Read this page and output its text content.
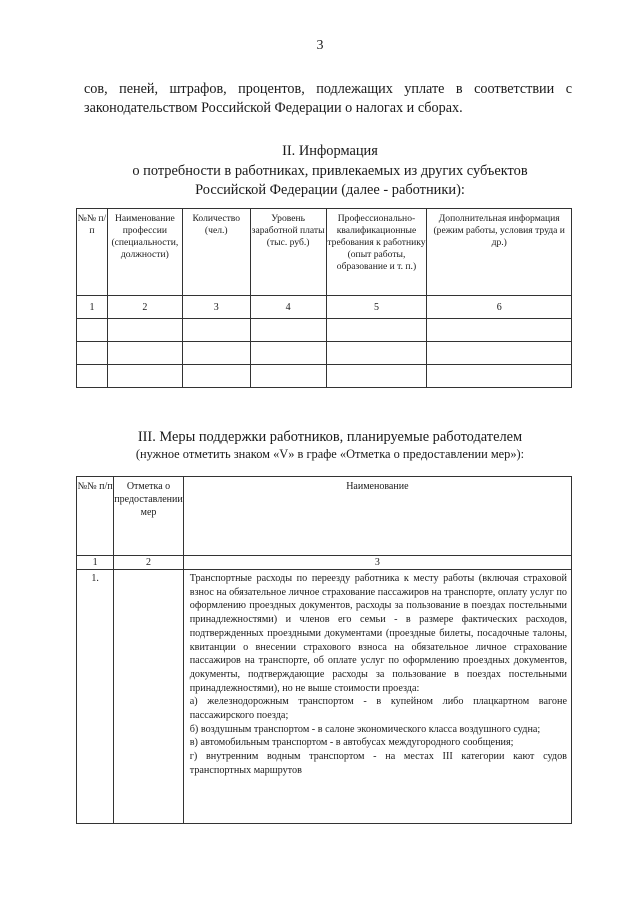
3
сов, пеней, штрафов, процентов, подлежащих уплате в соответствии с законодательством Российской Федерации о налогах и сборах.
II. Информация
о потребности в работниках, привлекаемых из других субъектов
Российской Федерации (далее - работники):
№№ п/п	Наименование профессии (специальности, должности)	Количество (чел.)	Уровень заработной платы (тыс. руб.)	Профессионально-квалификационные требования к работнику (опыт работы, образование и т. п.)	Дополнительная информация (режим работы, условия труда и др.)
1	2	3	4	5	6

III. Меры поддержки работников, планируемые работодателем
(нужное отметить знаком «V» в графе «Отметка о предоставлении мер»):
№№ п/п	Отметка о предоставлении мер	Наименование
1	2	3
1.		Транспортные расходы по переезду работника к месту работы (включая страховой взнос на обязательное личное страхование пассажиров на транспорте, оплату услуг по оформлению проездных документов, расходы за пользование в поездах постельными принадлежностями) и членов его семьи - в размере фактических расходов, подтвержденных проездными документами (проездные билеты, посадочные талоны, квитанции о внесении страхового взноса на обязательное личное страхование пассажиров на транспорте, об оплате услуг по оформлению проездных документов, документы, подтверждающие расходы за пользование в поездах постельными принадлежностями), но не выше стоимости проезда:

а) железнодорожным транспортом - в купейном либо плацкартном вагоне пассажирского поезда;

б) воздушным транспортом - в салоне экономического класса воздушного судна;

в) автомобильным транспортом - в автобусах междугородного сообщения;

г) внутренним водным транспортом - на местах III категории кают судов транспортных маршрутов
